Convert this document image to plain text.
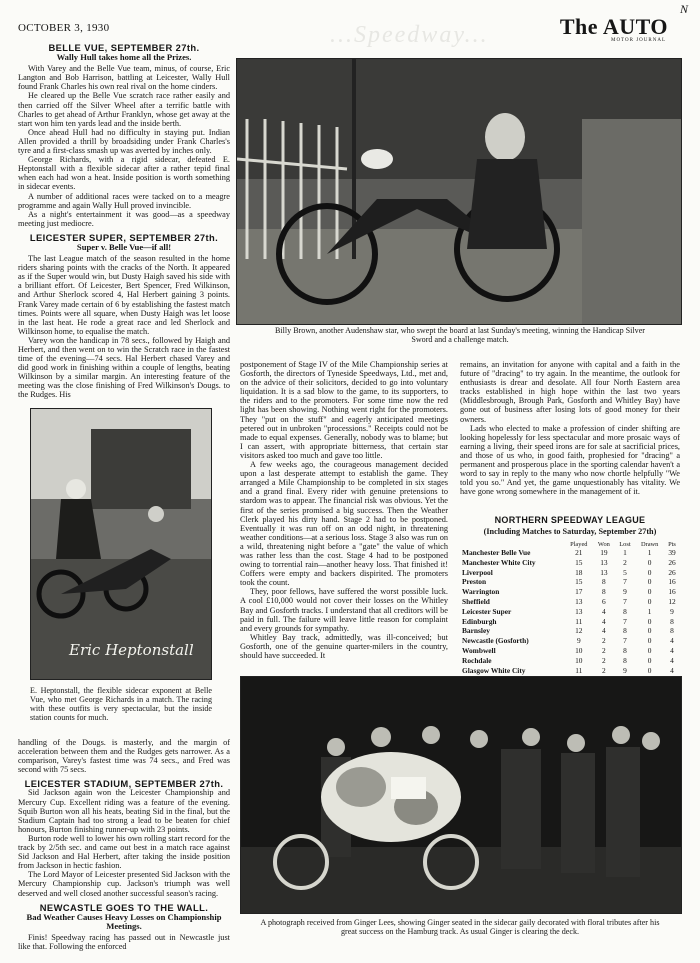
OCTOBER 3, 1930	...Speedway...	The AUTO
MOTOR JOURNAL
N
BELLE VUE, SEPTEMBER 27th.
Wally Hull takes home all the Prizes.

With Varey and the Belle Vue team, minus, of course, Eric Langton and Bob Harrison, battling at Leicester, Wally Hull found Frank Charles his own real rival on the home cinders.

He cleared up the Belle Vue scratch race rather easily and then carried off the Silver Wheel after a terrific battle with Charles to get ahead of Arthur Franklyn, whose get away at the start won him ten yards lead and the inside berth.

Once ahead Hull had no difficulty in staying put. Indian Allen provided a thrill by broadsiding under Frank Charles's tyre and a first-class smash up was averted by inches only.

George Richards, with a rigid sidecar, defeated E. Heptonstall with a flexible sidecar after a rather tepid final when each had won a heat. Inside position is worth something in sidecar events.

A number of additional races were tacked on to a meagre programme and again Wally Hull proved invincible.

As a night's entertainment it was good—as a speedway meeting just mediocre.

LEICESTER SUPER, SEPTEMBER 27th.
Super v. Belle Vue—if all!

The last League match of the season resulted in the home riders sharing points with the cracks of the North. It appeared as if the Super would win, but Dusty Haigh saved his side with a brilliant effort. Of Leicester, Bert Spencer, Fred Wilkinson, and Arthur Sherlock scored 4, Hal Herbert gaining 3 points. Frank Varey made certain of 6 by establishing the fastest match times. Points were all square, when Dusty Haigh was let loose in the last heat. He rode a great race and led Sherlock and Wilkinson home, to equalise the match.

Varey won the handicap in 78 secs., followed by Haigh and Herbert, and then went on to win the Scratch race in the fastest time of the evening—74 secs. Hal Herbert chased Varey and did good work in finishing within a couple of lengths, beating Wilkinson by a similar margin. An interesting feature of the meeting was the close finishing of Fred Wilkinson's Dougs. to the Rudges. His

Billy Brown, another Audenshaw star, who swept the board at last Sunday's meeting, winning the Handicap Silver Sword and a challenge match.
Eric Heptonstall
E. Heptonstall, the flexible sidecar exponent at Belle Vue, who met George Richards in a match. The racing with these outfits is very spectacular, but the inside station counts for much.

handling of the Dougs. is masterly, and the margin of acceleration between them and the Rudges gets narrower. As a comparison, Varey's fastest time was 74 secs., and Fred was second with 75 secs.

LEICESTER STADIUM, SEPTEMBER 27th.

Sid Jackson again won the Leicester Championship and Mercury Cup. Excellent riding was a feature of the evening. Squib Burton won all his heats, beating Sid in the final, but the Stadium Captain had too strong a lead to be beaten for chief honours, Burton finishing runner-up with 23 points.

Burton rode well to lower his own rolling start record for the track by 2/5th sec. and came out best in a match race against Sid Jackson and Hal Herbert, after taking the inside position from Jackson in hectic fashion.

The Lord Mayor of Leicester presented Sid Jackson with the Mercury Championship cup. Jackson's triumph was well deserved and well closed another successful season's racing.

NEWCASTLE GOES TO THE WALL.
Bad Weather Causes Heavy Losses on Championship Meetings.

Finis! Speedway racing has passed out in Newcastle just like that. Following the enforced

postponement of Stage IV of the Mile Championship series at Gosforth, the directors of Tyneside Speedways, Ltd., met and, on the advice of their solicitors, decided to go into voluntary liquidation. It is a sad blow to the game, to its supporters, to the riders and to the promoters. For some time now the red light has been showing. Nothing went right for the promoters. They "put on the stuff" and eagerly anticipated meetings petered out in unbroken "processions." Receipts could not be made to equal expenses. Generally, nobody was to blame; but I can assert, with appropriate bitterness, that certain star visitors asked too much and gave too little.

A few weeks ago, the courageous management decided upon a last desperate attempt to establish the game. They arranged a Mile Championship to be completed in six stages and a grand final. Every rider with genuine pretensions to stardom was to appear. The financial risk was obvious. Yet the first of the series promised a big success. Then the Weather Clerk played his dirty hand. Stage 2 had to be postponed. Eventually it was run off on an odd night, in threatening weather conditions—at a serious loss. Stage 3 also was run on a wild, threatening night before a "gate" the value of which was rather less than the cost. Stage 4 had to be postponed owing to torrential rain—another heavy loss. That finished it! Coffers were empty and backers dispirited. The promoters took the count.

They, poor fellows, have suffered the worst possible luck. A cool £10,000 would not cover their losses on the Whitley Bay and Gosforth tracks. I understand that all creditors will be paid in full. The failure will leave little reason for complaint and every grounds for sympathy.

Whitley Bay track, admittedly, was ill-conceived; but Gosforth, one of the genuine quarter-milers in the country, should have succeeded. It

remains, an invitation for anyone with capital and a faith in the future of "dracing" to try again. In the meantime, the outlook for enthusiasts is drear and desolate. All four North Eastern area tracks established in high hope within the last two years (Middlesbrough, Brough Park, Gosforth and Whitley Bay) have gone out of business after losing lots of good money for their owners.

Lads who elected to make a profession of cinder shifting are looking hopelessly for less spectacular and more prosaic ways of earning a living, their speed irons are for sale at sacrificial prices, and those of us who, in good faith, prophesied for "dracing" a permanent and prosperous place in the sporting calendar haven't a word to say in reply to the many who now chortle helpfully "We told you so." And yet, the game unquestionably has vitality. We have gone wrong somewhere in the management of it.

NORTHERN SPEEDWAY LEAGUE
(Including Matches to Saturday, September 27th)
	Played	Won	Lost	Drawn	Pts
Manchester Belle Vue	21	19	1	1	39
Manchester White City	15	13	2	0	26
Liverpool	18	13	5	0	26
Preston	15	8	7	0	16
Warrington	17	8	9	0	16
Sheffield	13	6	7	0	12
Leicester Super	13	4	8	1	9
Edinburgh	11	4	7	0	8
Barnsley	12	4	8	0	8
Newcastle (Gosforth)	9	2	7	0	4
Wombwell	10	2	8	0	4
Rochdale	10	2	8	0	4
Glasgow White City	11	2	9	0	4
A photograph received from Ginger Lees, showing Ginger seated in the sidecar gaily decorated with floral tributes after his great success on the Hamburg track. As usual Ginger is clearing the deck.
